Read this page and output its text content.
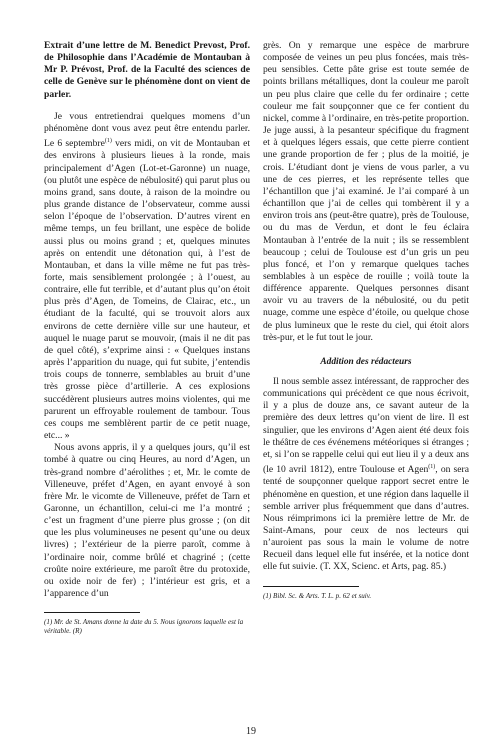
Extrait d’une lettre de M. Benedict Prevost, Prof. de Philosophie dans l’Académie de Montauban à Mr P. Prévost, Prof. de la Faculté des sciences de celle de Genève sur le phénomène dont on vient de parler.

Je vous entretiendrai quelques momens d’un phénomène dont vous avez peut être entendu parler. Le 6 septembre$^{(1)}$ vers midi, on vit de Montauban et des environs à plusieurs lieues à la ronde, mais principalement d’Agen (Lot-et-Garonne) un nuage, (ou plutôt une espèce de nébulosité) qui parut plus ou moins grand, sans doute, à raison de la moindre ou plus grande distance de l’observateur, comme aussi selon l’époque de l’observation. D’autres virent en même temps, un feu brillant, une espèce de bolide aussi plus ou moins grand ; et, quelques minutes après on entendit une détonation qui, à l’est de Montauban, et dans la ville même ne fut pas très-forte, mais sensiblement prolongée ; à l’ouest, au contraire, elle fut terrible, et d’autant plus qu’on étoit plus près d’Agen, de Tomeins, de Clairac, etc., un étudiant de la faculté, qui se trouvoit alors aux environs de cette dernière ville sur une hauteur, et auquel le nuage parut se mouvoir, (mais il ne dit pas de quel côté), s’exprime ainsi : « Quelques instans après l’apparition du nuage, qui fut subite, j’entendis trois coups de tonnerre, semblables au bruit d’une très grosse pièce d’artillerie. A ces explosions succédèrent plusieurs autres moins violentes, qui me parurent un effroyable roulement de tambour. Tous ces coups me semblèrent partir de ce petit nuage, etc... »

Nous avons appris, il y a quelques jours, qu’il est tombé à quatre ou cinq Heures, au nord d’Agen, un très-grand nombre d’aérolithes ; et, Mr. le comte de Villeneuve, préfet d’Agen, en ayant envoyé à son frère Mr. le vicomte de Villeneuve, préfet de Tarn et Garonne, un échantillon, celui-ci me l’a montré ; c’est un fragment d’une pierre plus grosse ; (on dit que les plus volumineuses ne pesent qu’une ou deux livres) ; l’extérieur de la pierre paroît, comme à l’ordinaire noir, comme brûlé et chagriné ; (cette croûte noire extérieure, me paroît être du protoxide, ou oxide noir de fer) ; l’intérieur est gris, et a l’apparence d’un

(1) Mr. de St. Amans donne la date du 5. Nous ignorons laquelle est la véritable. (R)

grès. On y remarque une espèce de marbrure composée de veines un peu plus foncées, mais très-peu sensibles. Cette pâte grise est toute semée de points brillans métalliques, dont la couleur me paroît un peu plus claire que celle du fer ordinaire ; cette couleur me fait soupçonner que ce fer contient du nickel, comme à l’ordinaire, en très-petite proportion. Je juge aussi, à la pesanteur spécifique du fragment et à quelques légers essais, que cette pierre contient une grande proportion de fer ; plus de la moitié, je crois. L’étudiant dont je viens de vous parler, a vu une de ces pierres, et les représente telles que l’échantillon que j’ai examiné. Je l’ai comparé à un échantillon que j’ai de celles qui tombèrent il y a environ trois ans (peut-être quatre), près de Toulouse, ou du mas de Verdun, et dont le feu éclaira Montauban à l’entrée de la nuit ; ils se ressemblent beaucoup ; celui de Toulouse est d’un gris un peu plus foncé, et l’on y remarque quelques taches semblables à un espèce de rouille ; voilà toute la différence apparente. Quelques personnes disant avoir vu au travers de la nébulosité, ou du petit nuage, comme une espèce d’étoile, ou quelque chose de plus lumineux que le reste du ciel, qui étoit alors très-pur, et le fut tout le jour.

Addition des rédacteurs

Il nous semble assez intéressant, de rapprocher des communications qui précèdent ce que nous écrivoit, il y a plus de douze ans, ce savant auteur de la première des deux lettres qu’on vient de lire. Il est singulier, que les environs d’Agen aient été deux fois le théâtre de ces événemens météoriques si étranges ; et, si l’on se rappelle celui qui eut lieu il y a deux ans (le 10 avril 1812), entre Toulouse et Agen$^{(1)}$, on sera tenté de soupçonner quelque rapport secret entre le phénomène en question, et une région dans laquelle il semble arriver plus fréquemment que dans d’autres. Nous réimprimons ici la première lettre de Mr. de Saint-Amans, pour ceux de nos lecteurs qui n’auroient pas sous la main le volume de notre Recueil dans lequel elle fut insérée, et la notice dont elle fut suivie. (T. XX, Scienc. et Arts, pag. 85.)

(1) Bibl. Sc. & Arts. T. L. p. 62 et suiv.

19
